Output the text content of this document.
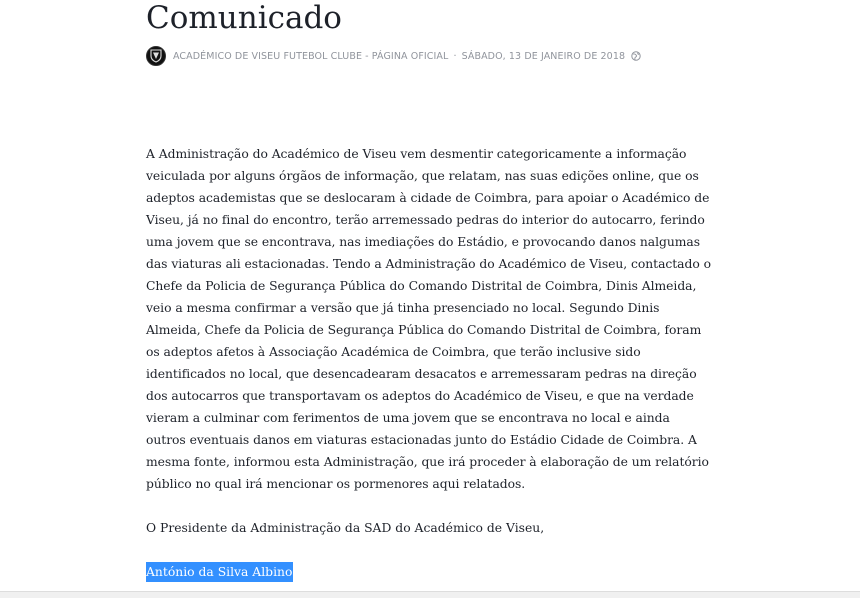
Comunicado
ACADÉMICO DE VISEU FUTEBOL CLUBE - PÁGINA OFICIAL · SÁBADO, 13 DE JANEIRO DE 2018

A Administração do Académico de Viseu vem desmentir categoricamente a informação veiculada por alguns órgãos de informação, que relatam, nas suas edições online, que os adeptos academistas que se deslocaram à cidade de Coimbra, para apoiar o Académico de Viseu, já no final do encontro, terão arremessado pedras do interior do autocarro, ferindo uma jovem que se encontrava, nas imediações do Estádio, e provocando danos nalgumas das viaturas ali estacionadas. Tendo a Administração do Académico de Viseu, contactado o Chefe da Policia de Segurança Pública do Comando Distrital de Coimbra, Dinis Almeida, veio a mesma confirmar a versão que já tinha presenciado no local. Segundo Dinis Almeida, Chefe da Policia de Segurança Pública do Comando Distrital de Coimbra, foram os adeptos afetos à Associação Académica de Coimbra, que terão inclusive sido identificados no local, que desencadearam desacatos e arremessaram pedras na direção dos autocarros que transportavam os adeptos do Académico de Viseu, e que na verdade vieram a culminar com ferimentos de uma jovem que se encontrava no local e ainda outros eventuais danos em viaturas estacionadas junto do Estádio Cidade de Coimbra. A mesma fonte, informou esta Administração, que irá proceder à elaboração de um relatório público no qual irá mencionar os pormenores aqui relatados.

O Presidente da Administração da SAD do Académico de Viseu,
António da Silva Albino
